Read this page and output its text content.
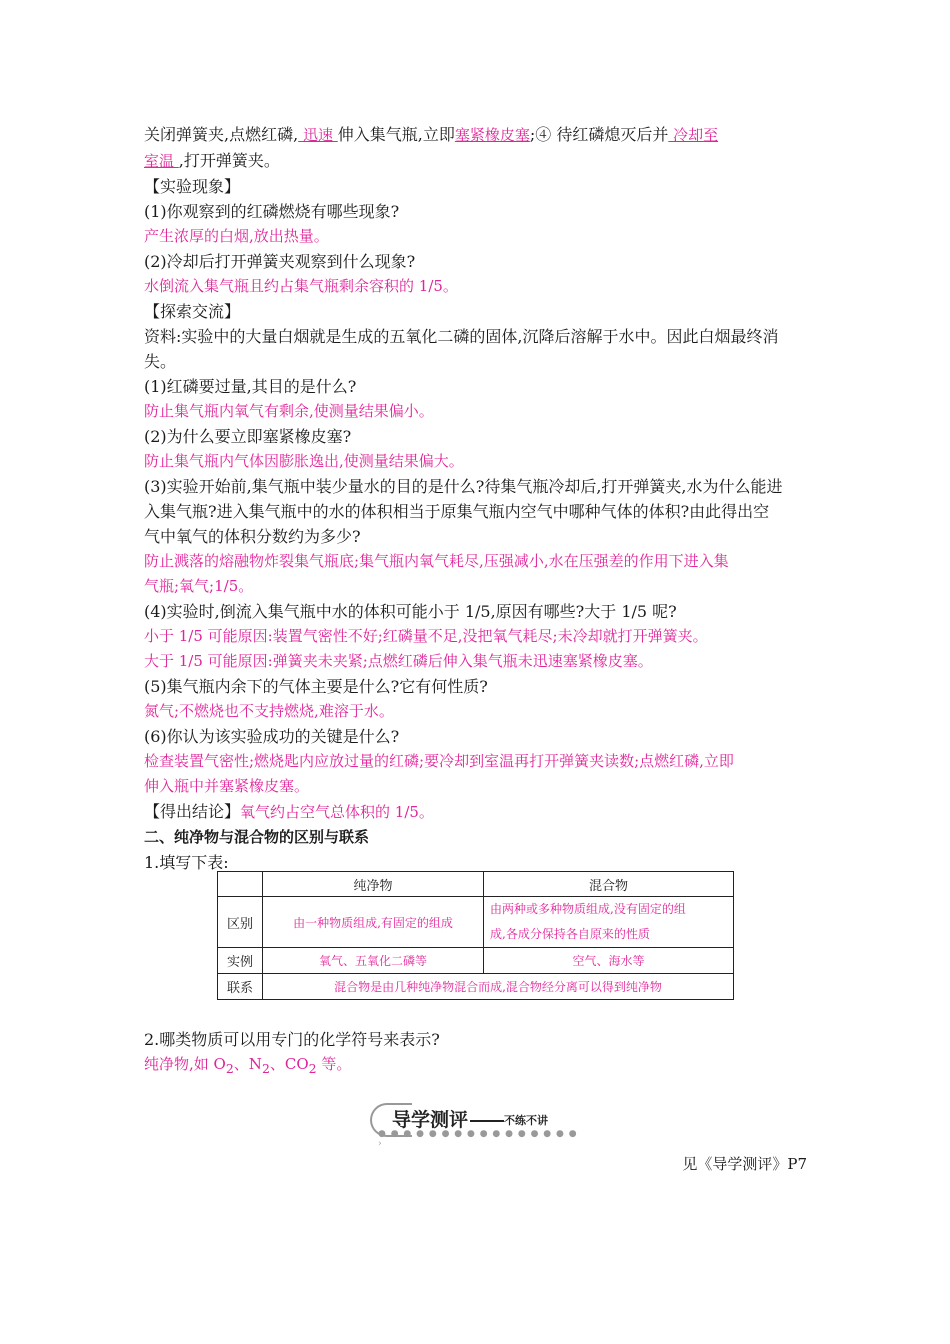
关闭弹簧夹,点燃红磷, 迅速 伸入集气瓶,立即塞紧橡皮塞;④ 待红磷熄灭后并 冷却至
室温 ,打开弹簧夹。
【实验现象】
(1)你观察到的红磷燃烧有哪些现象?
产生浓厚的白烟,放出热量。
(2)冷却后打开弹簧夹观察到什么现象?
水倒流入集气瓶且约占集气瓶剩余容积的 1/5。
【探索交流】
资料:实验中的大量白烟就是生成的五氧化二磷的固体,沉降后溶解于水中。因此白烟最终消
失。
(1)红磷要过量,其目的是什么?
防止集气瓶内氧气有剩余,使测量结果偏小。
(2)为什么要立即塞紧橡皮塞?
防止集气瓶内气体因膨胀逸出,使测量结果偏大。
(3)实验开始前,集气瓶中装少量水的目的是什么?待集气瓶冷却后,打开弹簧夹,水为什么能进
入集气瓶?进入集气瓶中的水的体积相当于原集气瓶内空气中哪种气体的体积?由此得出空
气中氧气的体积分数约为多少?
防止溅落的熔融物炸裂集气瓶底;集气瓶内氧气耗尽,压强减小,水在压强差的作用下进入集
气瓶;氧气;1/5。
(4)实验时,倒流入集气瓶中水的体积可能小于 1/5,原因有哪些?大于 1/5 呢?
小于 1/5 可能原因:装置气密性不好;红磷量不足,没把氧气耗尽;未冷却就打开弹簧夹。
大于 1/5 可能原因:弹簧夹未夹紧;点燃红磷后伸入集气瓶未迅速塞紧橡皮塞。
(5)集气瓶内余下的气体主要是什么?它有何性质?
氮气;不燃烧也不支持燃烧,难溶于水。
(6)你认为该实验成功的关键是什么?
检查装置气密性;燃烧匙内应放过量的红磷;要冷却到室温再打开弹簧夹读数;点燃红磷,立即
伸入瓶中并塞紧橡皮塞。
【得出结论】氧气约占空气总体积的 1/5。
二、纯净物与混合物的区别与联系
1.填写下表:
	纯净物	混合物
区别	由一种物质组成,有固定的组成	由两种或多种物质组成,没有固定的组
成,各成分保持各自原来的性质
实例	氧气、五氧化二磷等	空气、海水等
联系	混合物是由几种纯净物混合而成,混合物经分离可以得到纯净物	
2.哪类物质可以用专门的化学符号来表示?
纯净物,如 $O_2$、$N_2$、$CO_2$ 等。
● ● ● ● ● ● ● ● ● ● ● ● ● ● ● ● ›
导学测评	不练不讲
见《导学测评》P7
